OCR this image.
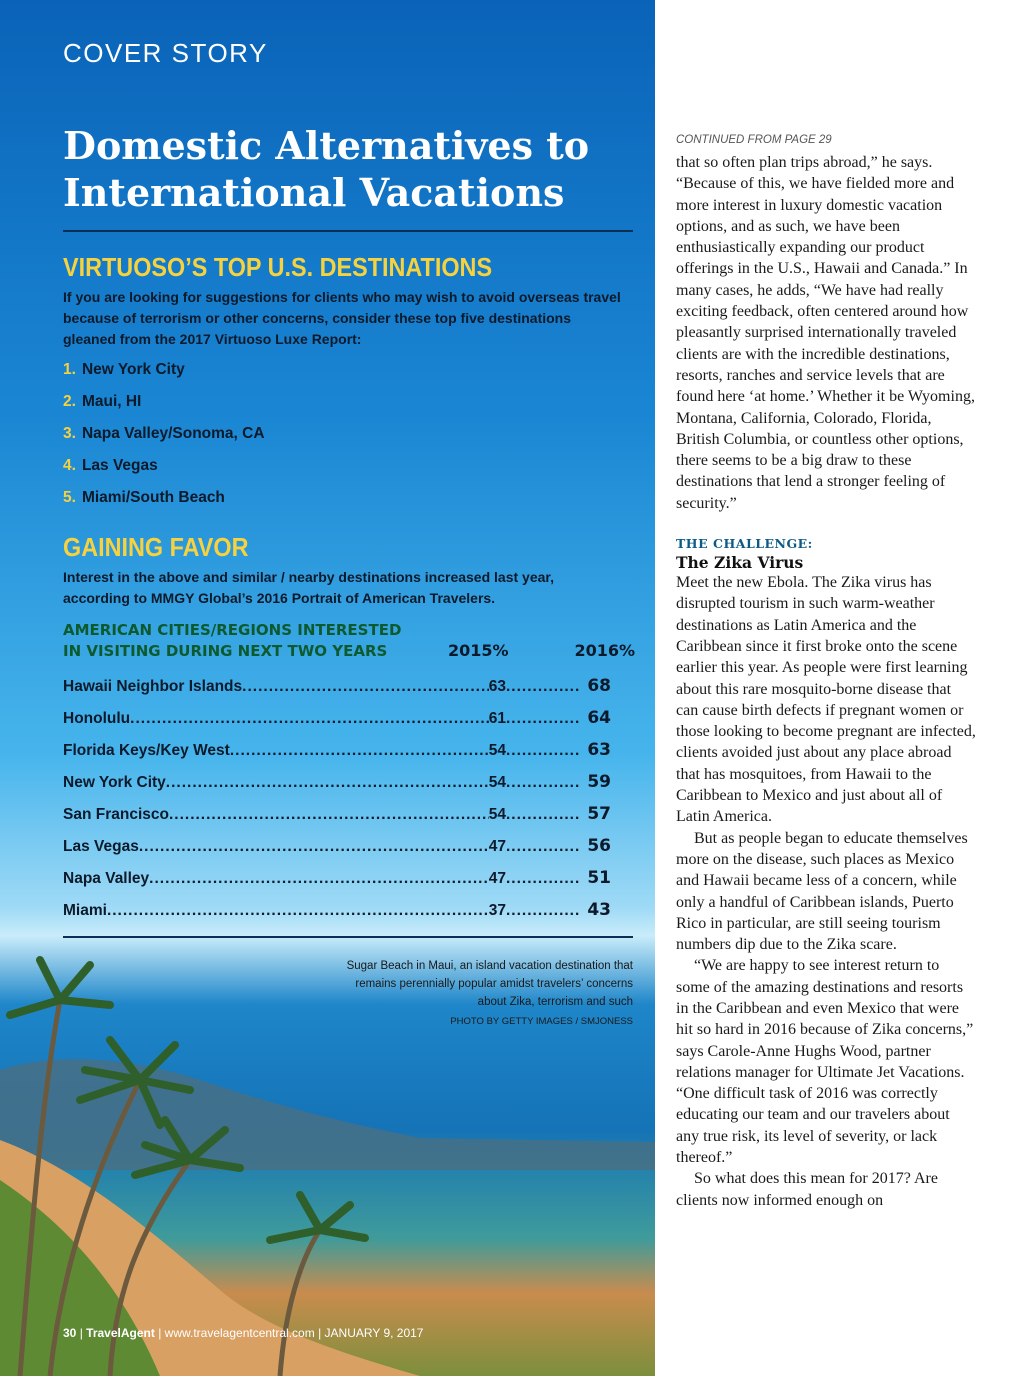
COVER STORY
Domestic Alternatives to International Vacations
VIRTUOSO’S TOP U.S. DESTINATIONS
If you are looking for suggestions for clients who may wish to avoid overseas travel because of terrorism or other concerns, consider these top five destinations gleaned from the 2017 Virtuoso Luxe Report:
1. New York City
2. Maui, HI
3. Napa Valley/Sonoma, CA
4. Las Vegas
5. Miami/South Beach
GAINING FAVOR
Interest in the above and similar / nearby destinations increased last year, according to MMGY Global’s 2016 Portrait of American Travelers.
AMERICAN CITIES/REGIONS INTERESTED IN VISITING DURING NEXT TWO YEARS	2015%	2016%
Hawaii Neighbor Islands .....	63 .....	68
Honolulu .....	61 .....	64
Florida Keys/Key West .....	54 .....	63
New York City .....	54 .....	59
San Francisco .....	54 .....	57
Las Vegas .....	47 .....	56
Napa Valley .....	47 .....	51
Miami .....	37 .....	43
Sugar Beach in Maui, an island vacation destination that remains perennially popular amidst travelers’ concerns about Zika, terrorism and such
PHOTO BY GETTY IMAGES / SMJONESS
30 | TravelAgent | www.travelagentcentral.com | JANUARY 9, 2017
CONTINUED FROM PAGE 29

that so often plan trips abroad,” he says. “Because of this, we have fielded more and more interest in luxury domestic vacation options, and as such, we have been enthusiastically expanding our product offerings in the U.S., Hawaii and Canada.” In many cases, he adds, “We have had really exciting feedback, often centered around how pleasantly surprised internationally traveled clients are with the incredible destinations, resorts, ranches and service levels that are found here ‘at home.’ Whether it be Wyoming, Montana, California, Colorado, Florida, British Columbia, or countless other options, there seems to be a big draw to these destinations that lend a stronger feeling of security.”

THE CHALLENGE:
The Zika Virus

Meet the new Ebola. The Zika virus has disrupted tourism in such warm-weather destinations as Latin America and the Caribbean since it first broke onto the scene earlier this year. As people were first learning about this rare mosquito-borne disease that can cause birth defects if pregnant women or those looking to become pregnant are infected, clients avoided just about any place abroad that has mosquitoes, from Hawaii to the Caribbean to Mexico and just about all of Latin America.

But as people began to educate themselves more on the disease, such places as Mexico and Hawaii became less of a concern, while only a handful of Caribbean islands, Puerto Rico in particular, are still seeing tourism numbers dip due to the Zika scare.

“We are happy to see interest return to some of the amazing destinations and resorts in the Caribbean and even Mexico that were hit so hard in 2016 because of Zika concerns,” says Carole-Anne Hughs Wood, partner relations manager for Ultimate Jet Vacations. “One difficult task of 2016 was correctly educating our team and our travelers about any true risk, its level of severity, or lack thereof.”

So what does this mean for 2017? Are clients now informed enough on
